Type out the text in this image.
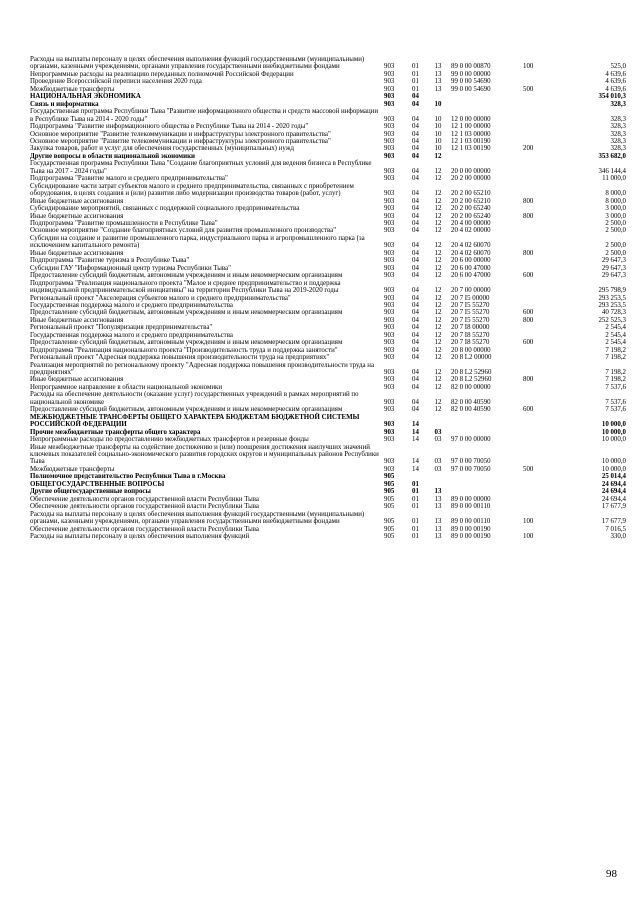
Расходы на выплаты персоналу в целях обеспечения выполнения функций государственными (муниципальными) органами, казенными учреждениями, органами управления государственными внебюджетными фондами	903	01	13	89 0 00 00870	100	525,0
Непрограммные расходы на реализацию переданных полномочий Российской Федерации	903	01	13	99 0 00 00000		4 639,6
Проведение Всероссийской переписи населения 2020 года	903	01	13	99 0 00 54690		4 639,6
Межбюджетные трансферты	903	01	13	99 0 00 54690	500	4 639,6
НАЦИОНАЛЬНАЯ ЭКОНОМИКА	903	04				354 010,3
Связь и информатика	903	04	10			328,3
Государственная программа Республики Тыва "Развитие информационного общества и средств массовой информации в Республике Тыва на 2014 - 2020 годы"	903	04	10	12 0 00 00000		328,3
Подпрограмма "Развитие информационного общества в Республике Тыва на 2014 - 2020 годы"	903	04	10	12 1 00 00000		328,3
Основное мероприятие "Развитие телекоммуникации и инфраструктуры электронного правительства"	903	04	10	12 1 03 00000		328,3
Основное мероприятие "Развитие телекоммуникации и инфраструктуры электронного правительства"	903	04	10	12 1 03 00190		328,3
Закупка товаров, работ и услуг для обеспечения государственных (муниципальных) нужд	903	04	10	12 1 03 00190	200	328,3
Другие вопросы в области национальной экономики	903	04	12			353 682,0
Государственная программа Республики Тыва "Создание благоприятных условий для ведения бизнеса в Республике Тыва на 2017 - 2024 годы"	903	04	12	20 0 00 00000		346 144,4
Подпрограмма "Развитие малого и среднего предпринимательства"	903	04	12	20 2 00 00000		11 000,0
Субсидирование части затрат субъектов малого и среднего предпринимательства, связанных с приобретением оборудования, в целях создания и (или) развития либо модернизации производства товаров (работ, услуг)	903	04	12	20 2 00 65210		8 000,0
Иные бюджетные ассигнования	903	04	12	20 2 00 65210	800	8 000,0
Субсидирование мероприятий, связанных с поддержкой социального предпринимательства	903	04	12	20 2 00 65240		3 000,0
Иные бюджетные ассигнования	903	04	12	20 2 00 65240	800	3 000,0
Подпрограмма "Развитие промышленности в Республике Тыва"	903	04	12	20 4 00 00000		2 500,0
Основное мероприятие "Создание благоприятных условий для развития промышленного производства"	903	04	12	20 4 02 00000		2 500,0
Субсидии на создание и развитие промышленного парка, индустриального парка и агропромышленного парка (за исключением капитального ремонта)	903	04	12	20 4 02 60070		2 500,0
Иные бюджетные ассигнования	903	04	12	20 4 02 60070	800	2 500,0
Подпрограмма "Развитие туризма в Республике Тыва"	903	04	12	20 6 00 00000		29 647,3
Субсидии ГАУ "Информационный центр туризма Республики Тыва"	903	04	12	20 6 00 47000		29 647,3
Предоставление субсидий бюджетным, автономным учреждениям и иным некоммерческим организациям	903	04	12	20 6 00 47000	600	29 647,3
Подпрограмма "Реализация национального проекта "Малое и среднее предпринимательство и поддержка индивидуальной предпринимательской инициативы" на территории Республики Тыва на 2019-2020 годы	903	04	12	20 7 00 00000		295 798,9
Региональный проект "Акселерация субъектов малого и среднего предпринимательства"	903	04	12	20 7 I5 00000		293 253,5
Государственная поддержка малого и среднего предпринимательства	903	04	12	20 7 I5 55270		293 253,5
Предоставление субсидий бюджетным, автономным учреждениям и иным некоммерческим организациям	903	04	12	20 7 I5 55270	600	40 728,3
Иные бюджетные ассигнования	903	04	12	20 7 I5 55270	800	252 525,3
Региональный проект "Популяризация предпринимательства"	903	04	12	20 7 I8 00000		2 545,4
Государственная поддержка малого и среднего предпринимательства	903	04	12	20 7 I8 55270		2 545,4
Предоставление субсидий бюджетным, автономным учреждениям и иным некоммерческим организациям	903	04	12	20 7 I8 55270	600	2 545,4
Подпрограмма "Реализация национального проекта "Производительность труда и поддержка занятости"	903	04	12	20 8 00 00000		7 198,2
Региональный проект "Адресная поддержка повышения производительности труда на предприятиях"	903	04	12	20 8 L2 00000		7 198,2
Реализация мероприятий по региональному проекту "Адресная поддержка повышения производительности труда на предприятиях"	903	04	12	20 8 L2 52960		7 198,2
Иные бюджетные ассигнования	903	04	12	20 8 L2 52960	800	7 198,2
Непрограммное направление в области национальной экономики	903	04	12	82 0 00 00000		7 537,6
Расходы на обеспечение деятельности (оказание услуг) государственных учреждений в рамках мероприятий по национальной экономике	903	04	12	82 0 00 40590		7 537,6
Предоставление субсидий бюджетным, автономным учреждениям и иным некоммерческим организациям	903	04	12	82 0 00 40590	600	7 537,6
МЕЖБЮДЖЕТНЫЕ ТРАНСФЕРТЫ ОБЩЕГО ХАРАКТЕРА БЮДЖЕТАМ БЮДЖЕТНОЙ СИСТЕМЫ РОССИЙСКОЙ ФЕДЕРАЦИИ	903	14				10 000,0
Прочие межбюджетные трансферты общего характера	903	14	03			10 000,0
Непрограммные расходы по предоставлению межбюджетных трансфертов и резервные фонды	903	14	03	97 0 00 00000		10 000,0
Иные межбюджетные трансферты на содействие достижению и (или) поощрения достижения наилучших значений ключевых показателей социально-экономического развития городских округов и муниципальных районов Республики Тыва	903	14	03	97 0 00 70050		10 000,0
Межбюджетные трансферты	903	14	03	97 0 00 70050	500	10 000,0
Полномочное представительство Республики Тыва в г.Москва	905					25 014,4
ОБЩЕГОСУДАРСТВЕННЫЕ ВОПРОСЫ	905	01				24 694,4
Другие общегосударственные вопросы	905	01	13			24 694,4
Обеспечение деятельности органов государственной власти Республики Тыва	905	01	13	89 0 00 00000		24 694,4
Обеспечение деятельности органов государственной власти Республики Тыва	905	01	13	89 0 00 00110		17 677,9
Расходы на выплаты персоналу в целях обеспечения выполнения функций государственными (муниципальными) органами, казенными учреждениями, органами управления государственными внебюджетными фондами	905	01	13	89 0 00 00110	100	17 677,9
Обеспечение деятельности органов государственной власти Республики Тыва	905	01	13	89 0 00 00190		7 016,5
Расходы на выплаты персоналу в целях обеспечения выполнения функций	905	01	13	89 0 00 00190	100	330,0
98
